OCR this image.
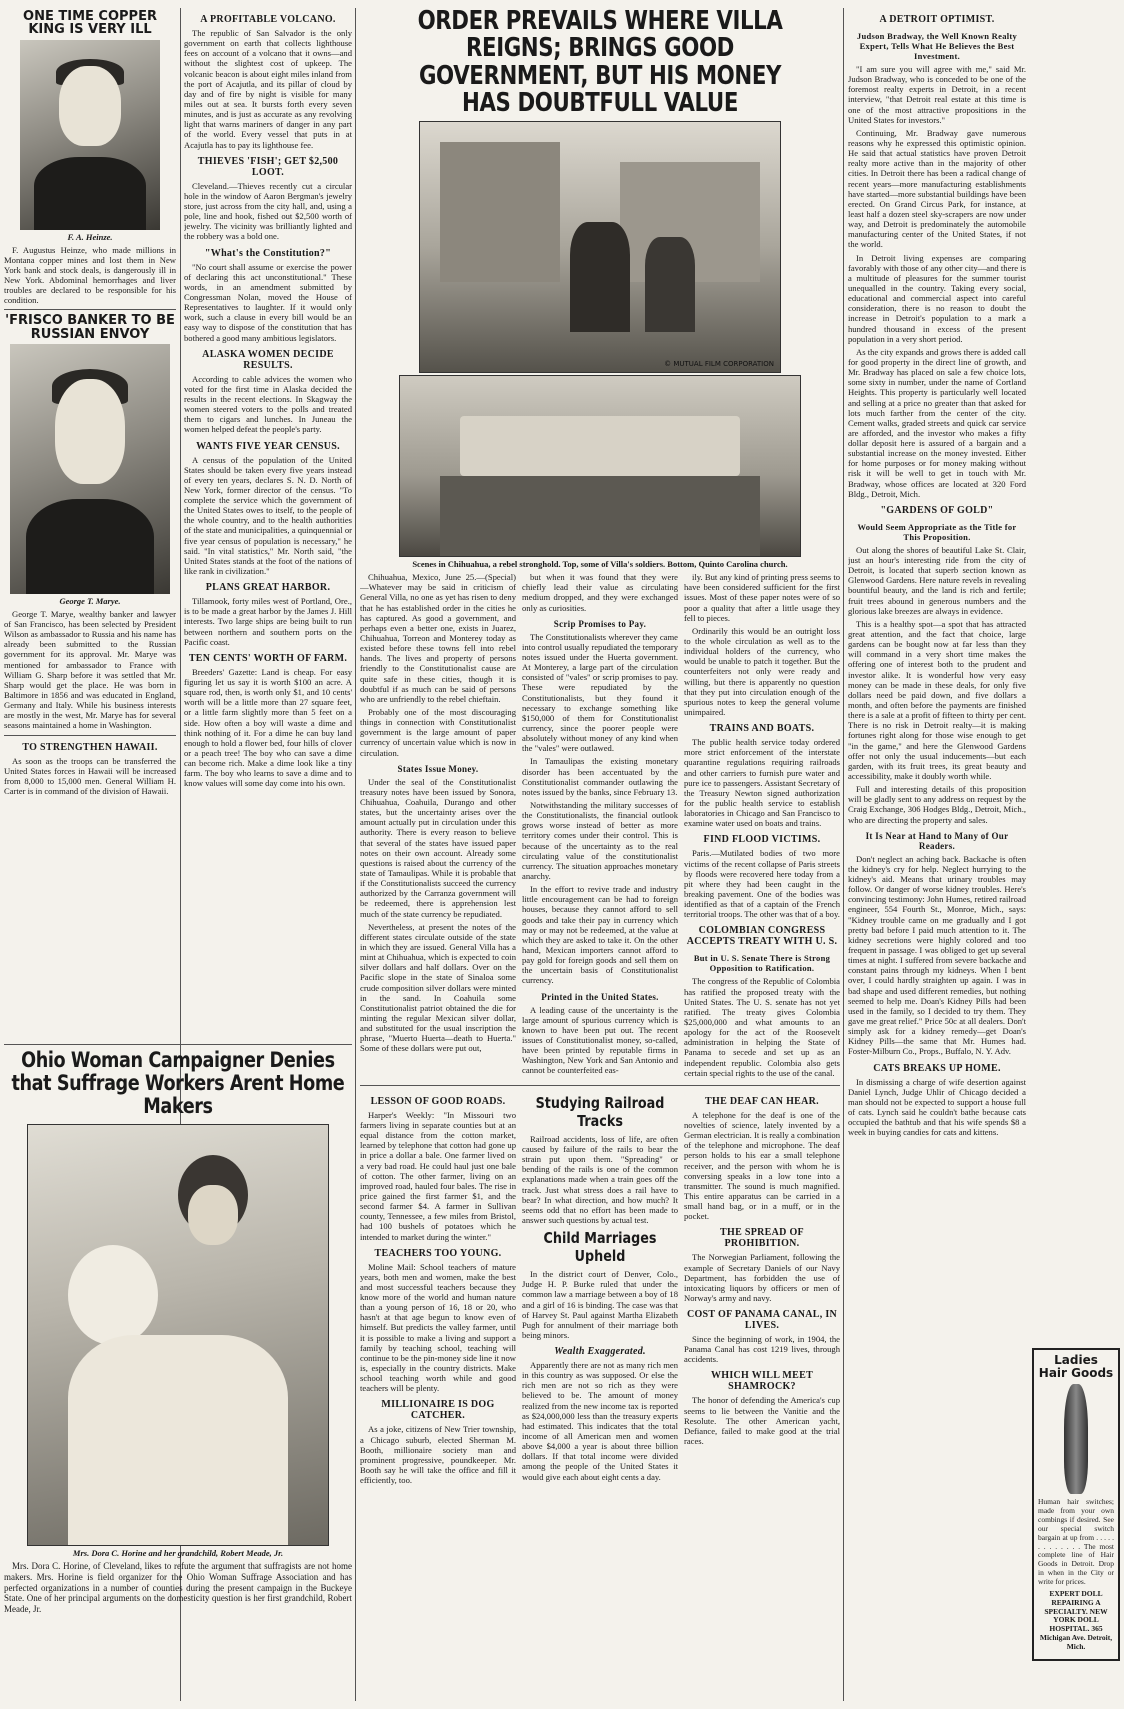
ONE TIME COPPER KING IS VERY ILL
F. A. Heinze.

F. Augustus Heinze, who made millions in Montana copper mines and lost them in New York bank and stock deals, is dangerously ill in New York. Abdominal hemorrhages and liver troubles are declared to be responsible for his condition.

'FRISCO BANKER TO BE RUSSIAN ENVOY
George T. Marye.

George T. Marye, wealthy banker and lawyer of San Francisco, has been selected by President Wilson as ambassador to Russia and his name has already been submitted to the Russian government for its approval. Mr. Marye was mentioned for ambassador to France with William G. Sharp before it was settled that Mr. Sharp would get the place. He was born in Baltimore in 1856 and was educated in England, Germany and Italy. While his business interests are mostly in the west, Mr. Marye has for several seasons maintained a home in Washington.

TO STRENGTHEN HAWAII.

As soon as the troops can be transferred the United States forces in Hawaii will be increased from 8,000 to 15,000 men. General William H. Carter is in command of the division of Hawaii.

A PROFITABLE VOLCANO.

The republic of San Salvador is the only government on earth that collects lighthouse fees on account of a volcano that it owns—and without the slightest cost of upkeep. The volcanic beacon is about eight miles inland from the port of Acajutla, and its pillar of cloud by day and of fire by night is visible for many miles out at sea. It bursts forth every seven minutes, and is just as accurate as any revolving light that warns mariners of danger in any part of the world. Every vessel that puts in at Acajutla has to pay its lighthouse fee.

THIEVES 'FISH'; GET $2,500 LOOT.

Cleveland.—Thieves recently cut a circular hole in the window of Aaron Bergman's jewelry store, just across from the city hall, and, using a pole, line and hook, fished out $2,500 worth of jewelry. The vicinity was brilliantly lighted and the robbery was a bold one.

"What's the Constitution?"

"No court shall assume or exercise the power of declaring this act unconstitutional." These words, in an amendment submitted by Congressman Nolan, moved the House of Representatives to laughter. If it would only work, such a clause in every bill would be an easy way to dispose of the constitution that has bothered a good many ambitious legislators.

ALASKA WOMEN DECIDE RESULTS.

According to cable advices the women who voted for the first time in Alaska decided the results in the recent elections. In Skagway the women steered voters to the polls and treated them to cigars and lunches. In Juneau the women helped defeat the people's party.

WANTS FIVE YEAR CENSUS.

A census of the population of the United States should be taken every five years instead of every ten years, declares S. N. D. North of New York, former director of the census. "To complete the service which the government of the United States owes to itself, to the people of the whole country, and to the health authorities of the state and municipalities, a quinquennial or five year census of population is necessary," he said. "In vital statistics," Mr. North said, "the United States stands at the foot of the nations of like rank in civilization."

PLANS GREAT HARBOR.

Tillamook, forty miles west of Portland, Ore., is to be made a great harbor by the James J. Hill interests. Two large ships are being built to run between northern and southern ports on the Pacific coast.

TEN CENTS' WORTH OF FARM.

Breeders' Gazette: Land is cheap. For easy figuring let us say it is worth $100 an acre. A square rod, then, is worth only $1, and 10 cents' worth will be a little more than 27 square feet, or a little farm slightly more than 5 feet on a side. How often a boy will waste a dime and think nothing of it. For a dime he can buy land enough to hold a flower bed, four hills of clover or a peach tree! The boy who can save a dime can become rich. Make a dime look like a tiny farm. The boy who learns to save a dime and to know values will some day come into his own.

Ohio Woman Campaigner Denies that Suffrage Workers Arent Home Makers
Mrs. Dora C. Horine and her grandchild, Robert Meade, Jr.

Mrs. Dora C. Horine, of Cleveland, likes to refute the argument that suffragists are not home makers. Mrs. Horine is field organizer for the Ohio Woman Suffrage Association and has perfected organizations in a number of counties during the present campaign in the Buckeye State. One of her principal arguments on the domesticity question is her first grandchild, Robert Meade, Jr.

ORDER PREVAILS WHERE VILLA REIGNS; BRINGS GOOD GOVERNMENT, BUT HIS MONEY HAS DOUBTFULL VALUE
© MUTUAL FILM CORPORATION
Scenes in Chihuahua, a rebel stronghold. Top, some of Villa's soldiers. Bottom, Quinto Carolina church.

Chihuahua, Mexico, June 25.—(Special)—Whatever may be said in criticism of General Villa, no one as yet has risen to deny that he has established order in the cities he has captured. As good a government, and perhaps even a better one, exists in Juarez, Chihuahua, Torreon and Monterey today as existed before these towns fell into rebel hands. The lives and property of persons friendly to the Constitutionalist cause are quite safe in these cities, though it is doubtful if as much can be said of persons who are unfriendly to the rebel chieftain.

Probably one of the most discouraging things in connection with Constitutionalist government is the large amount of paper currency of uncertain value which is now in circulation.

States Issue Money.

Under the seal of the Constitutionalist treasury notes have been issued by Sonora, Chihuahua, Coahuila, Durango and other states, but the uncertainty arises over the amount actually put in circulation under this authority. There is every reason to believe that several of the states have issued paper notes on their own account. Already some questions is raised about the currency of the state of Tamaulipas. While it is probable that if the Constitutionalists succeed the currency authorized by the Carranza government will be redeemed, there is apprehension lest much of the state currency be repudiated.

Nevertheless, at present the notes of the different states circulate outside of the state in which they are issued. General Villa has a mint at Chihuahua, which is expected to coin silver dollars and half dollars. Over on the Pacific slope in the state of Sinaloa some crude composition silver dollars were minted in the sand. In Coahuila some Constitutionalist patriot obtained the die for minting the regular Mexican silver dollar, and substituted for the usual inscription the phrase, "Muerto Huerta—death to Huerta." Some of these dollars were put out,

but when it was found that they were chiefly lead their value as circulating medium dropped, and they were exchanged only as curiosities.

Scrip Promises to Pay.

The Constitutionalists wherever they came into control usually repudiated the temporary notes issued under the Huerta government. At Monterey, a large part of the circulation consisted of "vales" or scrip promises to pay. These were repudiated by the Constitutionalists, but they found it necessary to exchange something like $150,000 of them for Constitutionalist currency, since the poorer people were absolutely without money of any kind when the "vales" were outlawed.

In Tamaulipas the existing monetary disorder has been accentuated by the Constitutionalist commander outlawing the notes issued by the banks, since February 13.

Notwithstanding the military successes of the Constitutionalists, the financial outlook grows worse instead of better as more territory comes under their control. This is because of the uncertainty as to the real circulating value of the constitutionalist currency. The situation approaches monetary anarchy.

In the effort to revive trade and industry little encouragement can be had to foreign houses, because they cannot afford to sell goods and take their pay in currency which may or may not be redeemed, at the value at which they are asked to take it. On the other hand, Mexican importers cannot afford to pay gold for foreign goods and sell them on the uncertain basis of Constitutionalist currency.

Printed in the United States.

A leading cause of the uncertainty is the large amount of spurious currency which is known to have been put out. The recent issues of Constitutionalist money, so-called, have been printed by reputable firms in Washington, New York and San Antonio and cannot be counterfeited eas-

ily. But any kind of printing press seems to have been considered sufficient for the first issues. Most of these paper notes were of so poor a quality that after a little usage they fell to pieces.

Ordinarily this would be an outright loss to the whole circulation as well as to the individual holders of the currency, who would be unable to patch it together. But the counterfeiters not only were ready and willing, but there is apparently no question that they put into circulation enough of the spurious notes to keep the general volume unimpaired.

TRAINS AND BOATS.

The public health service today ordered more strict enforcement of the interstate quarantine regulations requiring railroads and other carriers to furnish pure water and pure ice to passengers. Assistant Secretary of the Treasury Newton signed authorization for the public health service to establish laboratories in Chicago and San Francisco to examine water used on boats and trains.

FIND FLOOD VICTIMS.

Paris.—Mutilated bodies of two more victims of the recent collapse of Paris streets by floods were recovered here today from a pit where they had been caught in the breaking pavement. One of the bodies was identified as that of a captain of the French territorial troops. The other was that of a boy.

COLOMBIAN CONGRESS ACCEPTS TREATY WITH U. S.
But in U. S. Senate There is Strong Opposition to Ratification.

The congress of the Republic of Colombia has ratified the proposed treaty with the United States. The U. S. senate has not yet ratified. The treaty gives Colombia $25,000,000 and what amounts to an apology for the act of the Roosevelt administration in helping the State of Panama to secede and set up as an independent republic. Colombia also gets certain special rights to the use of the canal.

LESSON OF GOOD ROADS.

Harper's Weekly: "In Missouri two farmers living in separate counties but at an equal distance from the cotton market, learned by telephone that cotton had gone up in price a dollar a bale. One farmer lived on a very bad road. He could haul just one bale of cotton. The other farmer, living on an improved road, hauled four bales. The rise in price gained the first farmer $1, and the second farmer $4. A farmer in Sullivan county, Tennessee, a few miles from Bristol, had 100 bushels of potatoes which he intended to market during the winter."

TEACHERS TOO YOUNG.

Moline Mail: School teachers of mature years, both men and women, make the best and most successful teachers because they know more of the world and human nature than a young person of 16, 18 or 20, who hasn't at that age begun to know even of himself. But predicts the valley farmer, until it is possible to make a living and support a family by teaching school, teaching will continue to be the pin-money side line it now is, especially in the country districts. Make school teaching worth while and good teachers will be plenty.

MILLIONAIRE IS DOG CATCHER.

As a joke, citizens of New Trier township, a Chicago suburb, elected Sherman M. Booth, millionaire society man and prominent progressive, poundkeeper. Mr. Booth say he will take the office and fill it efficiently, too.

Studying Railroad Tracks

Railroad accidents, loss of life, are often caused by failure of the rails to bear the strain put upon them. "Spreading" or bending of the rails is one of the common explanations made when a train goes off the track. Just what stress does a rail have to bear? In what direction, and how much? It seems odd that no effort has been made to answer such questions by actual test.

Child Marriages Upheld

In the district court of Denver, Colo., Judge H. P. Burke ruled that under the common law a marriage between a boy of 18 and a girl of 16 is binding. The case was that of Harvey St. Paul against Martha Elizabeth Pugh for annulment of their marriage both being minors.

Wealth Exaggerated.

Apparently there are not as many rich men in this country as was supposed. Or else the rich men are not so rich as they were believed to be. The amount of money realized from the new income tax is reported as $24,000,000 less than the treasury experts had estimated. This indicates that the total income of all American men and women above $4,000 a year is about three billion dollars. If that total income were divided among the people of the United States it would give each about eight cents a day.

THE DEAF CAN HEAR.

A telephone for the deaf is one of the novelties of science, lately invented by a German electrician. It is really a combination of the telephone and microphone. The deaf person holds to his ear a small telephone receiver, and the person with whom he is conversing speaks in a low tone into a transmitter. The sound is much magnified. This entire apparatus can be carried in a small hand bag, or in a muff, or in the pocket.

THE SPREAD OF PROHIBITION.

The Norwegian Parliament, following the example of Secretary Daniels of our Navy Department, has forbidden the use of intoxicating liquors by officers or men of Norway's army and navy.

COST OF PANAMA CANAL, IN LIVES.

Since the beginning of work, in 1904, the Panama Canal has cost 1219 lives, through accidents.

WHICH WILL MEET SHAMROCK?

The honor of defending the America's cup seems to lie between the Vanitie and the Resolute. The other American yacht, Defiance, failed to make good at the trial races.

A DETROIT OPTIMIST.
Judson Bradway, the Well Known Realty Expert, Tells What He Believes the Best Investment.

"I am sure you will agree with me," said Mr. Judson Bradway, who is conceded to be one of the foremost realty experts in Detroit, in a recent interview, "that Detroit real estate at this time is one of the most attractive propositions in the United States for investors."

Continuing, Mr. Bradway gave numerous reasons why he expressed this optimistic opinion. He said that actual statistics have proven Detroit realty more active than in the majority of other cities. In Detroit there has been a radical change of recent years—more manufacturing establishments have started—more substantial buildings have been erected. On Grand Circus Park, for instance, at least half a dozen steel sky-scrapers are now under way, and Detroit is predominately the automobile manufacturing center of the United States, if not the world.

In Detroit living expenses are comparing favorably with those of any other city—and there is a multitude of pleasures for the summer tourist unequalled in the country. Taking every social, educational and commercial aspect into careful consideration, there is no reason to doubt the increase in Detroit's population to a mark a hundred thousand in excess of the present population in a very short period.

As the city expands and grows there is added call for good property in the direct line of growth, and Mr. Bradway has placed on sale a few choice lots, some sixty in number, under the name of Cortland Heights. This property is particularly well located and selling at a price no greater than that asked for lots much farther from the center of the city. Cement walks, graded streets and quick car service are afforded, and the investor who makes a fifty dollar deposit here is assured of a bargain and a substantial increase on the money invested. Either for home purposes or for money making without risk it will be well to get in touch with Mr. Bradway, whose offices are located at 320 Ford Bldg., Detroit, Mich.

"GARDENS OF GOLD"
Would Seem Appropriate as the Title for This Proposition.

Out along the shores of beautiful Lake St. Clair, just an hour's interesting ride from the city of Detroit, is located that superb section known as Glenwood Gardens. Here nature revels in revealing bountiful beauty, and the land is rich and fertile; fruit trees abound in generous numbers and the glorious lake breezes are always in evidence.

This is a healthy spot—a spot that has attracted great attention, and the fact that choice, large gardens can be bought now at far less than they will command in a very short time makes the offering one of interest both to the prudent and investor alike. It is wonderful how very easy money can be made in these deals, for only five dollars need be paid down, and five dollars a month, and often before the payments are finished there is a sale at a profit of fifteen to thirty per cent. There is no risk in Detroit realty—it is making fortunes right along for those wise enough to get "in the game," and here the Glenwood Gardens offer not only the usual inducements—but each garden, with its fruit trees, its great beauty and accessibility, make it doubly worth while.

Full and interesting details of this proposition will be gladly sent to any address on request by the Craig Exchange, 306 Hodges Bldg., Detroit, Mich., who are directing the property and sales.

It Is Near at Hand to Many of Our Readers.

Don't neglect an aching back. Backache is often the kidney's cry for help. Neglect hurrying to the kidney's aid. Means that urinary troubles may follow. Or danger of worse kidney troubles. Here's convincing testimony: John Humes, retired railroad engineer, 554 Fourth St., Monroe, Mich., says: "Kidney trouble came on me gradually and I got pretty bad before I paid much attention to it. The kidney secretions were highly colored and too frequent in passage. I was obliged to get up several times at night. I suffered from severe backache and constant pains through my kidneys. When I bent over, I could hardly straighten up again. I was in bad shape and used different remedies, but nothing seemed to help me. Doan's Kidney Pills had been used in the family, so I decided to try them. They gave me great relief." Price 50c at all dealers. Don't simply ask for a kidney remedy—get Doan's Kidney Pills—the same that Mr. Humes had. Foster-Milburn Co., Props., Buffalo, N. Y. Adv.

CATS BREAKS UP HOME.

In dismissing a charge of wife desertion against Daniel Lynch, Judge Uhlir of Chicago decided a man should not be expected to support a house full of cats. Lynch said he couldn't bathe because cats occupied the bathtub and that his wife spends $8 a week in buying candies for cats and kittens.

Ladies Hair Goods

Human hair switches; made from your own combings if desired. See our special switch bargain at up from . . . . . . . . . . . . . The most complete line of Hair Goods in Detroit. Drop in when in the City or write for prices.

EXPERT DOLL REPAIRING A SPECIALTY. NEW YORK DOLL HOSPITAL. 365 Michigan Ave. Detroit, Mich.
